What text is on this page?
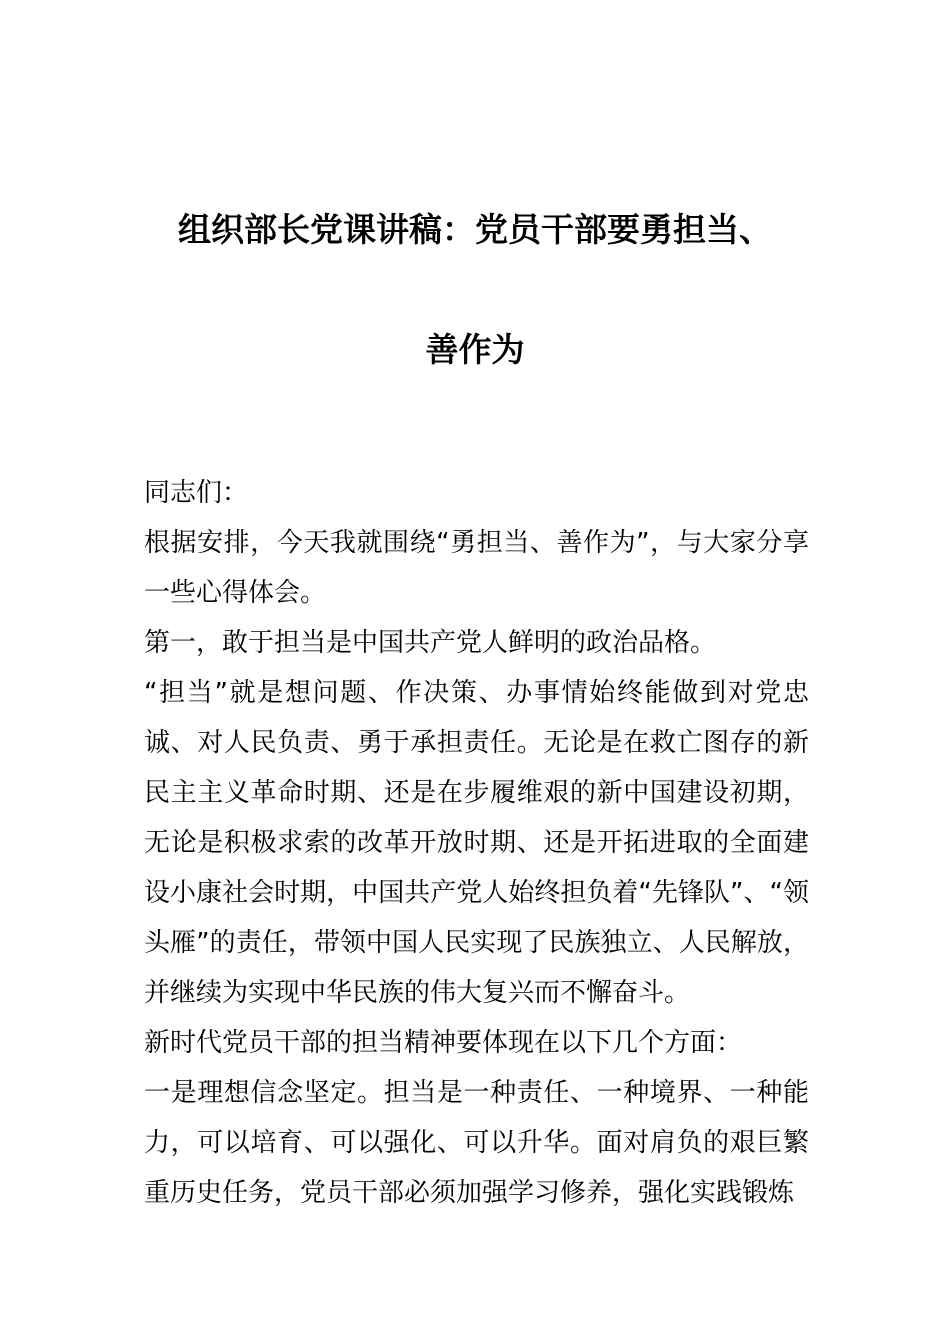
组织部长党课讲稿：党员干部要勇担当、
善作为

同志们：

根据安排，今天我就围绕“勇担当、善作为”，与大家分享一些心得体会。

第一，敢于担当是中国共产党人鲜明的政治品格。

“担当”就是想问题、作决策、办事情始终能做到对党忠诚、对人民负责、勇于承担责任。无论是在救亡图存的新民主主义革命时期、还是在步履维艰的新中国建设初期，无论是积极求索的改革开放时期、还是开拓进取的全面建设小康社会时期，中国共产党人始终担负着“先锋队”、“领头雁”的责任，带领中国人民实现了民族独立、人民解放，并继续为实现中华民族的伟大复兴而不懈奋斗。

新时代党员干部的担当精神要体现在以下几个方面：

一是理想信念坚定。担当是一种责任、一种境界、一种能力，可以培育、可以强化、可以升华。面对肩负的艰巨繁重历史任务，党员干部必须加强学习修养，强化实践锻炼
